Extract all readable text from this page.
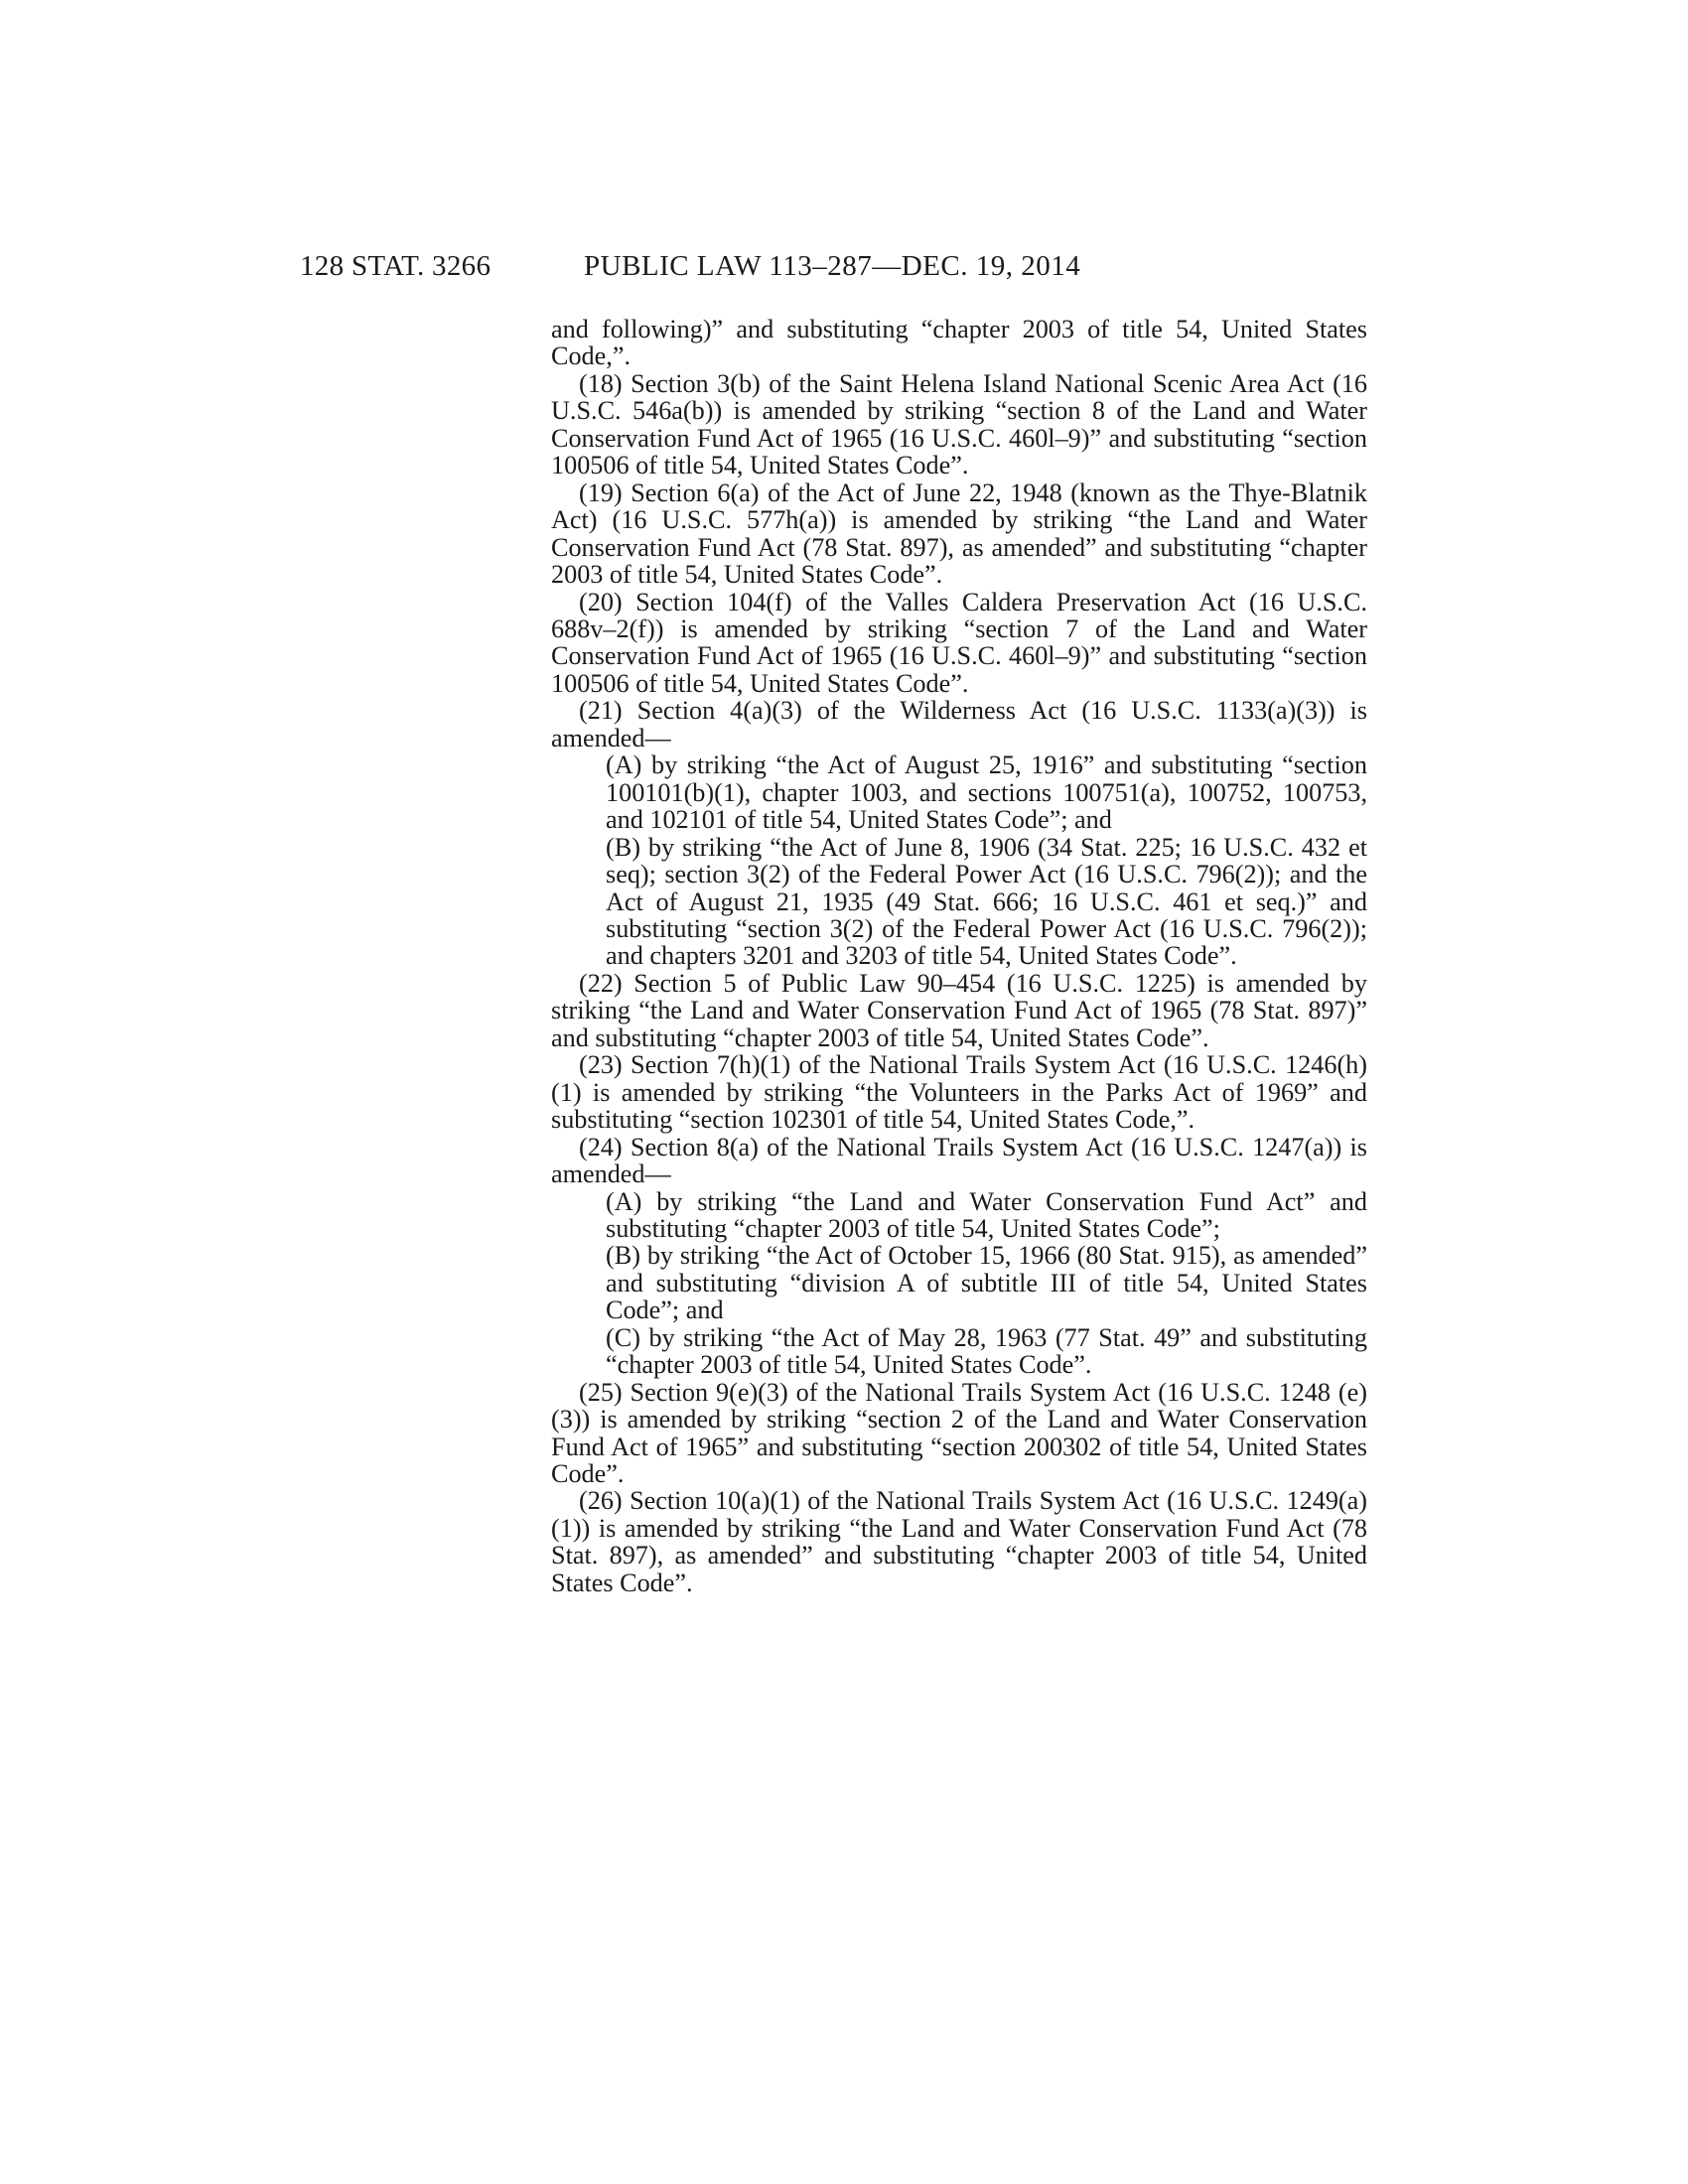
128 STAT. 3266	PUBLIC LAW 113–287—DEC. 19, 2014

and following)” and substituting “chapter 2003 of title 54, United States Code,”.

(18) Section 3(b) of the Saint Helena Island National Scenic Area Act (16 U.S.C. 546a(b)) is amended by striking “section 8 of the Land and Water Conservation Fund Act of 1965 (16 U.S.C. 460l–9)” and substituting “section 100506 of title 54, United States Code”.

(19) Section 6(a) of the Act of June 22, 1948 (known as the Thye-Blatnik Act) (16 U.S.C. 577h(a)) is amended by striking “the Land and Water Conservation Fund Act (78 Stat. 897), as amended” and substituting “chapter 2003 of title 54, United States Code”.

(20) Section 104(f) of the Valles Caldera Preservation Act (16 U.S.C. 688v–2(f)) is amended by striking “section 7 of the Land and Water Conservation Fund Act of 1965 (16 U.S.C. 460l–9)” and substituting “section 100506 of title 54, United States Code”.

(21) Section 4(a)(3) of the Wilderness Act (16 U.S.C. 1133(a)(3)) is amended—

(A) by striking “the Act of August 25, 1916” and substituting “section 100101(b)(1), chapter 1003, and sections 100751(a), 100752, 100753, and 102101 of title 54, United States Code”; and

(B) by striking “the Act of June 8, 1906 (34 Stat. 225; 16 U.S.C. 432 et seq); section 3(2) of the Federal Power Act (16 U.S.C. 796(2)); and the Act of August 21, 1935 (49 Stat. 666; 16 U.S.C. 461 et seq.)” and substituting “section 3(2) of the Federal Power Act (16 U.S.C. 796(2)); and chapters 3201 and 3203 of title 54, United States Code”.

(22) Section 5 of Public Law 90–454 (16 U.S.C. 1225) is amended by striking “the Land and Water Conservation Fund Act of 1965 (78 Stat. 897)” and substituting “chapter 2003 of title 54, United States Code”.

(23) Section 7(h)(1) of the National Trails System Act (16 U.S.C. 1246(h)(1) is amended by striking “the Volunteers in the Parks Act of 1969” and substituting “section 102301 of title 54, United States Code,”.

(24) Section 8(a) of the National Trails System Act (16 U.S.C. 1247(a)) is amended—

(A) by striking “the Land and Water Conservation Fund Act” and substituting “chapter 2003 of title 54, United States Code”;

(B) by striking “the Act of October 15, 1966 (80 Stat. 915), as amended” and substituting “division A of subtitle III of title 54, United States Code”; and

(C) by striking “the Act of May 28, 1963 (77 Stat. 49” and substituting “chapter 2003 of title 54, United States Code”.

(25) Section 9(e)(3) of the National Trails System Act (16 U.S.C. 1248 (e)(3)) is amended by striking “section 2 of the Land and Water Conservation Fund Act of 1965” and substituting “section 200302 of title 54, United States Code”.

(26) Section 10(a)(1) of the National Trails System Act (16 U.S.C. 1249(a)(1)) is amended by striking “the Land and Water Conservation Fund Act (78 Stat. 897), as amended” and substituting “chapter 2003 of title 54, United States Code”.
